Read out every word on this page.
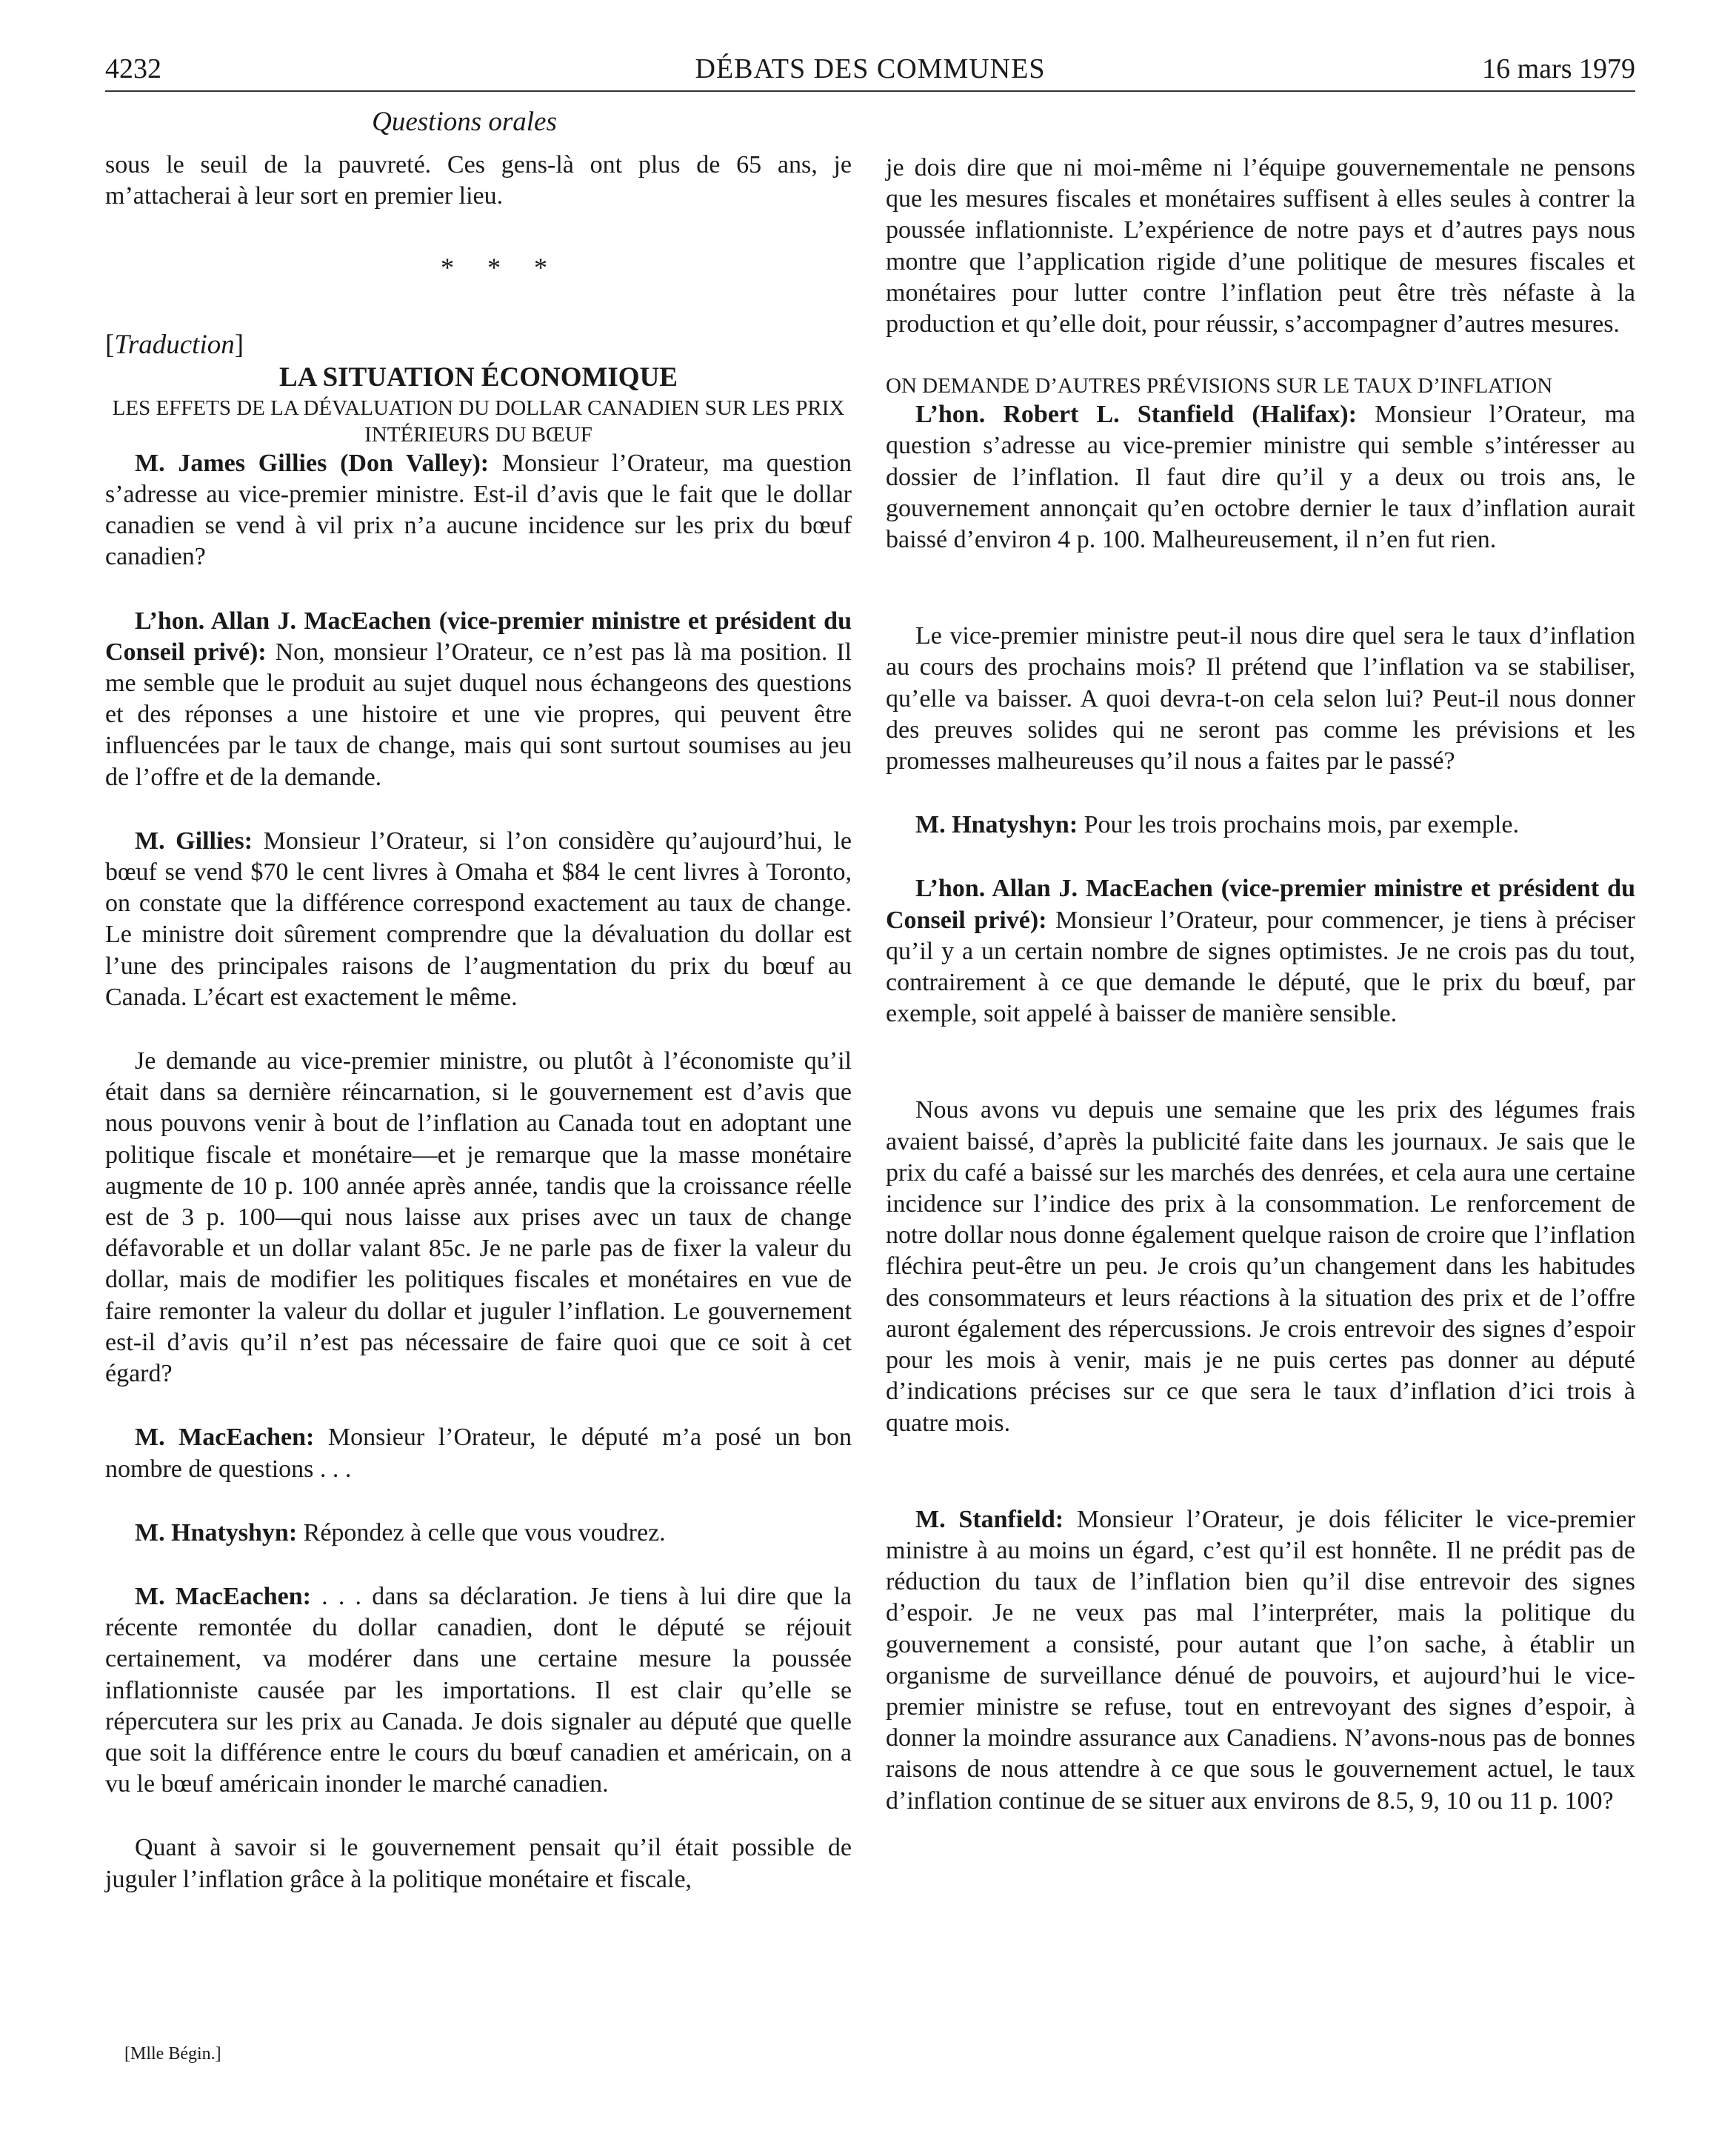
4232	DÉBATS DES COMMUNES	16 mars 1979
Questions orales

sous le seuil de la pauvreté. Ces gens-là ont plus de 65 ans, je m’attacherai à leur sort en premier lieu.

* * *

[Traduction]

LA SITUATION ÉCONOMIQUE

LES EFFETS DE LA DÉVALUATION DU DOLLAR CANADIEN SUR LES PRIX INTÉRIEURS DU BŒUF

M. James Gillies (Don Valley): Monsieur l’Orateur, ma question s’adresse au vice-premier ministre. Est-il d’avis que le fait que le dollar canadien se vend à vil prix n’a aucune incidence sur les prix du bœuf canadien?

L’hon. Allan J. MacEachen (vice-premier ministre et président du Conseil privé): Non, monsieur l’Orateur, ce n’est pas là ma position. Il me semble que le produit au sujet duquel nous échangeons des questions et des réponses a une histoire et une vie propres, qui peuvent être influencées par le taux de change, mais qui sont surtout soumises au jeu de l’offre et de la demande.

M. Gillies: Monsieur l’Orateur, si l’on considère qu’aujourd’hui, le bœuf se vend $70 le cent livres à Omaha et $84 le cent livres à Toronto, on constate que la différence correspond exactement au taux de change. Le ministre doit sûrement comprendre que la dévaluation du dollar est l’une des principales raisons de l’augmentation du prix du bœuf au Canada. L’écart est exactement le même.

Je demande au vice-premier ministre, ou plutôt à l’économiste qu’il était dans sa dernière réincarnation, si le gouvernement est d’avis que nous pouvons venir à bout de l’inflation au Canada tout en adoptant une politique fiscale et monétaire—et je remarque que la masse monétaire augmente de 10 p. 100 année après année, tandis que la croissance réelle est de 3 p. 100—qui nous laisse aux prises avec un taux de change défavorable et un dollar valant 85c. Je ne parle pas de fixer la valeur du dollar, mais de modifier les politiques fiscales et monétaires en vue de faire remonter la valeur du dollar et juguler l’inflation. Le gouvernement est-il d’avis qu’il n’est pas nécessaire de faire quoi que ce soit à cet égard?

M. MacEachen: Monsieur l’Orateur, le député m’a posé un bon nombre de questions . . .

M. Hnatyshyn: Répondez à celle que vous voudrez.

M. MacEachen: . . . dans sa déclaration. Je tiens à lui dire que la récente remontée du dollar canadien, dont le député se réjouit certainement, va modérer dans une certaine mesure la poussée inflationniste causée par les importations. Il est clair qu’elle se répercutera sur les prix au Canada. Je dois signaler au député que quelle que soit la différence entre le cours du bœuf canadien et américain, on a vu le bœuf américain inonder le marché canadien.

Quant à savoir si le gouvernement pensait qu’il était possible de juguler l’inflation grâce à la politique monétaire et fiscale,

je dois dire que ni moi-même ni l’équipe gouvernementale ne pensons que les mesures fiscales et monétaires suffisent à elles seules à contrer la poussée inflationniste. L’expérience de notre pays et d’autres pays nous montre que l’application rigide d’une politique de mesures fiscales et monétaires pour lutter contre l’inflation peut être très néfaste à la production et qu’elle doit, pour réussir, s’accompagner d’autres mesures.

ON DEMANDE D’AUTRES PRÉVISIONS SUR LE TAUX D’INFLATION

L’hon. Robert L. Stanfield (Halifax): Monsieur l’Orateur, ma question s’adresse au vice-premier ministre qui semble s’intéresser au dossier de l’inflation. Il faut dire qu’il y a deux ou trois ans, le gouvernement annonçait qu’en octobre dernier le taux d’inflation aurait baissé d’environ 4 p. 100. Malheureusement, il n’en fut rien.

Le vice-premier ministre peut-il nous dire quel sera le taux d’inflation au cours des prochains mois? Il prétend que l’inflation va se stabiliser, qu’elle va baisser. A quoi devra-t-on cela selon lui? Peut-il nous donner des preuves solides qui ne seront pas comme les prévisions et les promesses malheureuses qu’il nous a faites par le passé?

M. Hnatyshyn: Pour les trois prochains mois, par exemple.

L’hon. Allan J. MacEachen (vice-premier ministre et président du Conseil privé): Monsieur l’Orateur, pour commencer, je tiens à préciser qu’il y a un certain nombre de signes optimistes. Je ne crois pas du tout, contrairement à ce que demande le député, que le prix du bœuf, par exemple, soit appelé à baisser de manière sensible.

Nous avons vu depuis une semaine que les prix des légumes frais avaient baissé, d’après la publicité faite dans les journaux. Je sais que le prix du café a baissé sur les marchés des denrées, et cela aura une certaine incidence sur l’indice des prix à la consommation. Le renforcement de notre dollar nous donne également quelque raison de croire que l’inflation fléchira peut-être un peu. Je crois qu’un changement dans les habitudes des consommateurs et leurs réactions à la situation des prix et de l’offre auront également des répercussions. Je crois entrevoir des signes d’espoir pour les mois à venir, mais je ne puis certes pas donner au député d’indications précises sur ce que sera le taux d’inflation d’ici trois à quatre mois.

M. Stanfield: Monsieur l’Orateur, je dois féliciter le vice-premier ministre à au moins un égard, c’est qu’il est honnête. Il ne prédit pas de réduction du taux de l’inflation bien qu’il dise entrevoir des signes d’espoir. Je ne veux pas mal l’interpréter, mais la politique du gouvernement a consisté, pour autant que l’on sache, à établir un organisme de surveillance dénué de pouvoirs, et aujourd’hui le vice-premier ministre se refuse, tout en entrevoyant des signes d’espoir, à donner la moindre assurance aux Canadiens. N’avons-nous pas de bonnes raisons de nous attendre à ce que sous le gouvernement actuel, le taux d’inflation continue de se situer aux environs de 8.5, 9, 10 ou 11 p. 100?

[Mlle Bégin.]
